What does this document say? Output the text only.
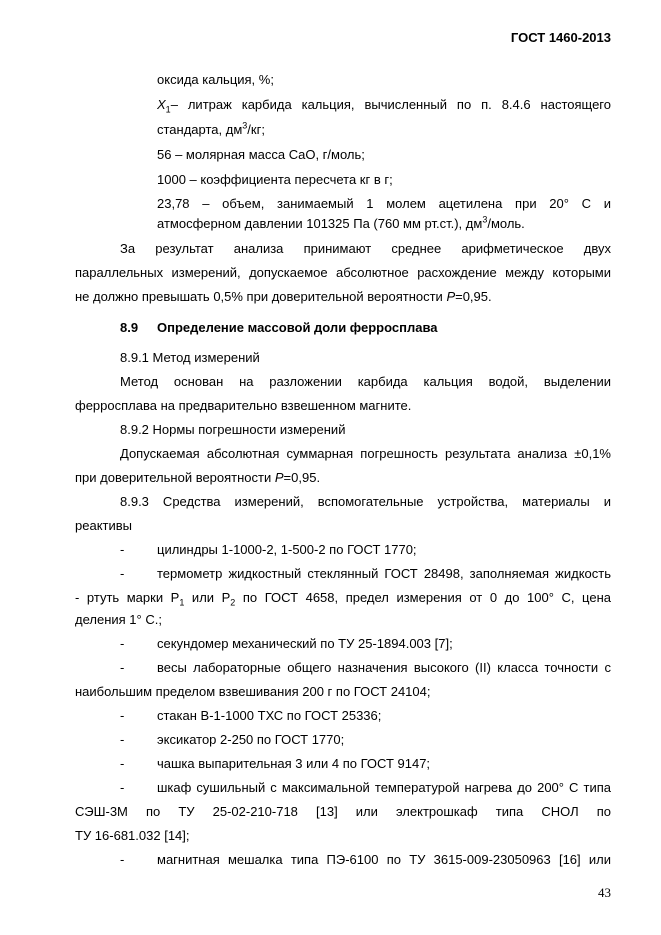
ГОСТ 1460-2013
оксида кальция, %;
$X_1-$ литраж карбида кальция, вычисленный по п. 8.4.6 настоящего
стандарта, $дм^3/кг$;
56 – молярная масса CaO, г/моль;
1000 – коэффициента пересчета кг в г;
23,78 – объем, занимаемый 1 молем ацетилена при 20° С и
атмосферном давлении 101325 Па (760 мм рт.ст.), $дм^3$/моль.
За результат анализа принимают среднее арифметическое двух
параллельных измерений, допускаемое абсолютное расхождение между которыми
не должно превышать 0,5% при доверительной вероятности P=0,95.
8.9 Определение массовой доли ферросплава
8.9.1 Метод измерений
Метод основан на разложении карбида кальция водой, выделении
ферросплава на предварительно взвешенном магните.
8.9.2 Нормы погрешности измерений
Допускаемая абсолютная суммарная погрешность результата анализа ±0,1%
при доверительной вероятности P=0,95.
8.9.3 Средства измерений, вспомогательные устройства, материалы и
реактивы
-	цилиндры 1-1000-2, 1-500-2 по ГОСТ 1770;
-	термометр жидкостный стеклянный ГОСТ 28498, заполняемая жидкость
- ртуть марки $Р_1$ или $Р_2$ по ГОСТ 4658, предел измерения от 0 до 100° С, цена
деления 1° С.;
-	секундомер механический по ТУ 25-1894.003 [7];
-	весы лабораторные общего назначения высокого (II) класса точности с
наибольшим пределом взвешивания 200 г по ГОСТ 24104;
-	стакан В-1-1000 ТХС по ГОСТ 25336;
-	эксикатор 2-250 по ГОСТ 1770;
-	чашка выпарительная 3 или 4 по ГОСТ 9147;
-	шкаф сушильный с максимальной температурой нагрева до 200° С типа
СЭШ-3М по ТУ 25-02-210-718 [13] или электрошкаф типа СНОЛ по
ТУ 16-681.032 [14];
-	магнитная мешалка типа ПЭ-6100 по ТУ 3615-009-23050963 [16] или
43
